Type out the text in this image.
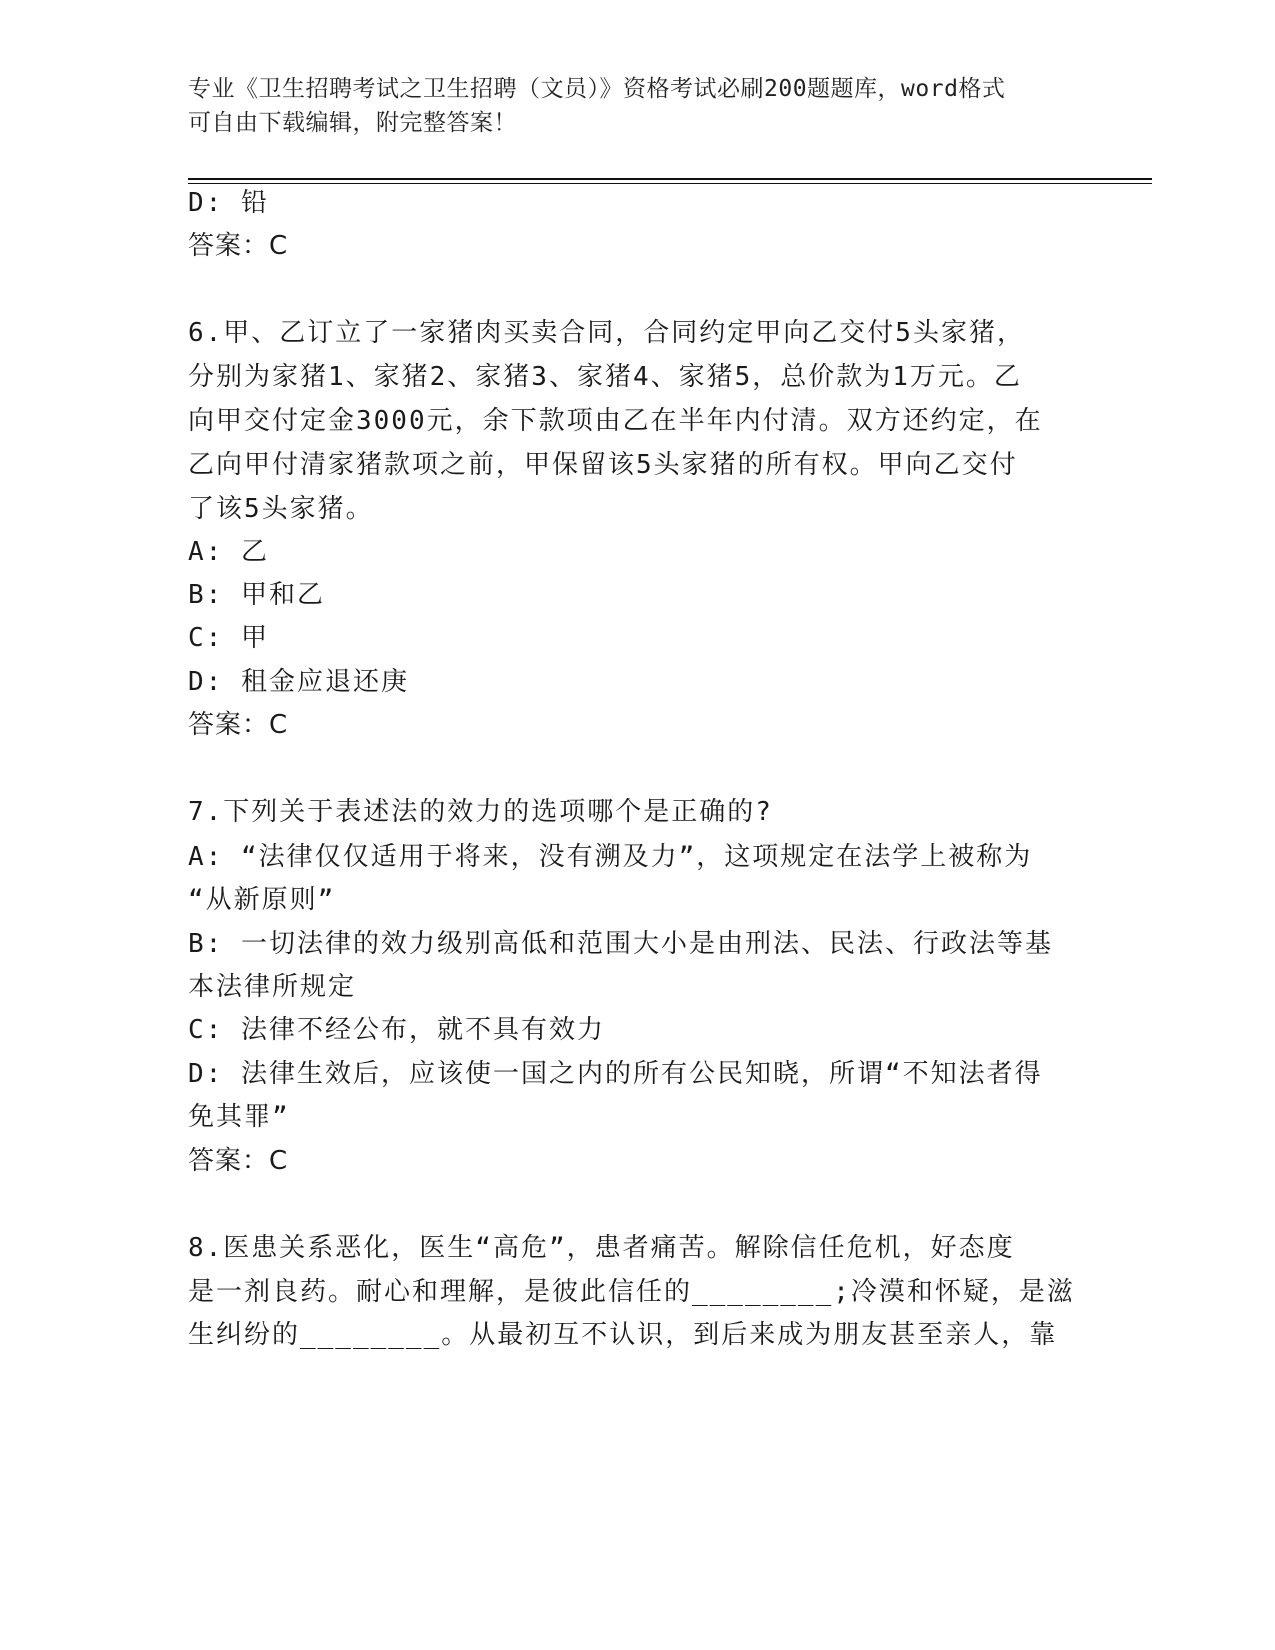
专业《卫生招聘考试之卫生招聘（文员）》资格考试必刷200题题库，word格式
可自由下载编辑，附完整答案！
D: 铅
答案：C
6.甲、乙订立了一家猪肉买卖合同，合同约定甲向乙交付5头家猪，
分别为家猪1、家猪2、家猪3、家猪4、家猪5，总价款为1万元。乙
向甲交付定金3000元，余下款项由乙在半年内付清。双方还约定，在
乙向甲付清家猪款项之前，甲保留该5头家猪的所有权。甲向乙交付
了该5头家猪。
A: 乙
B: 甲和乙
C: 甲
D: 租金应退还庚
答案：C
7.下列关于表述法的效力的选项哪个是正确的?
A: “法律仅仅适用于将来，没有溯及力”，这项规定在法学上被称为
“从新原则”
B: 一切法律的效力级别高低和范围大小是由刑法、民法、行政法等基
本法律所规定
C: 法律不经公布，就不具有效力
D: 法律生效后，应该使一国之内的所有公民知晓，所谓“不知法者得
免其罪”
答案：C
8.医患关系恶化，医生“高危”，患者痛苦。解除信任危机，好态度
是一剂良药。耐心和理解，是彼此信任的________;冷漠和怀疑，是滋
生纠纷的________。从最初互不认识，到后来成为朋友甚至亲人，靠
